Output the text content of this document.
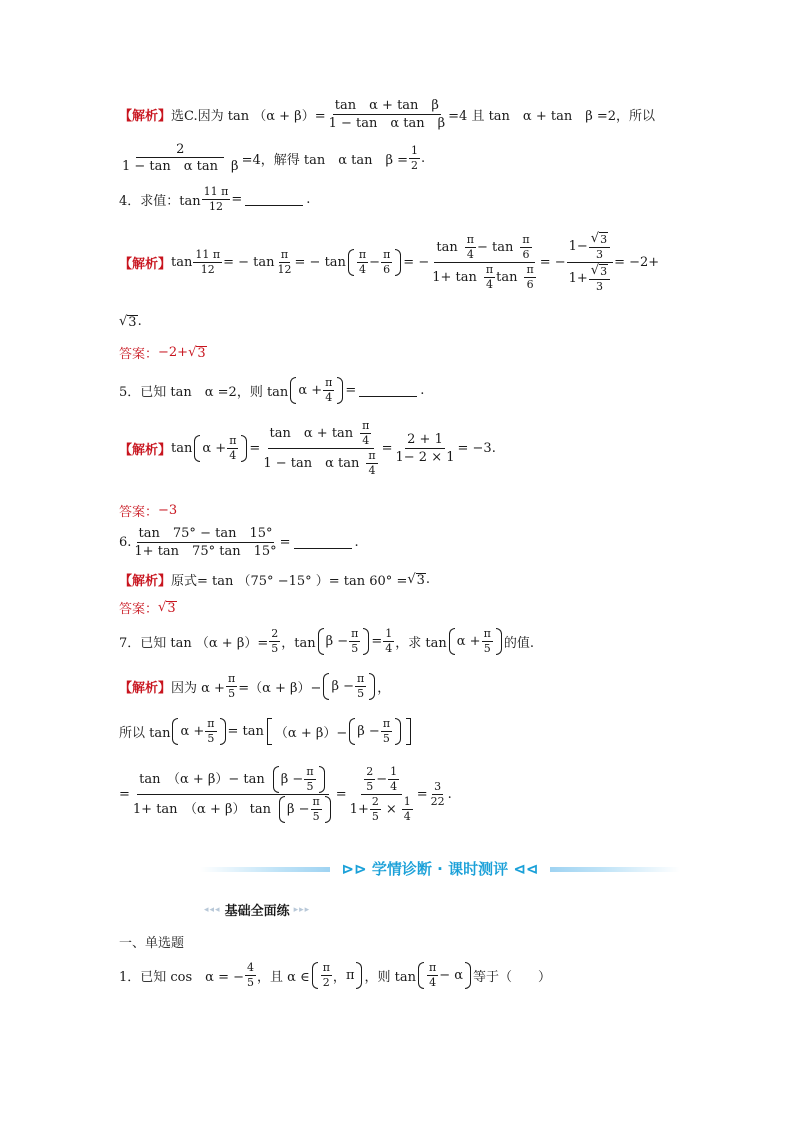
【解析】 选C.因为 $\tan (\alpha + \beta)= \frac{\text{tan　α + tan　β}}{\text{1 − tan　α tan　β}} =4$ 且 tan　α + tan　β =2，所以
$\frac{2}{\text{1 − tan　α tan　β}} =4$，解得 tan　α tan　$\beta = \frac{1}{2}$ .
4．求值：$\tan \frac{11 \pi}{12}$ =	.
【解析】 $\tan \frac{11 \pi}{12}$ = − $\tan \frac{\pi}{12}$ = − tan
π
$4 - \frac{\pi}{6}$ = − tan
π
4 − tan
π
6
1+ tan
π
4 tan
π
6 = − $\frac{1- \frac{√ 3}{3}}{1+ \frac{√ 3}{3}} = -2+$
√ 3 .
答案： −2+ √ 3
5．已知 tan　α =2，则 $\tan \alpha + \frac{\pi}{4}$ =	.
【解析】 $\tan \alpha + \frac{\pi}{4} = \tan$　α + tan
π
4
1 − tan　α tan
π
$4 = \frac{2 + 1}{1- 2 \times 1} = -3$.
答案： −3
6. $\frac{\tan 75^\circ - \tan 15^\circ}{1+ \tan 75^\circ \tan 15^\circ}$ =	.
【解析】 原式= tan （75° −15° ）= tan 60° = √ 3 .
答案： √ 3
7．已知 $\tan (\alpha + \beta)= \frac{2}{5}$ ，$\tan \beta - \frac{\pi}{5} = \frac{1}{4}$ ，求 $\tan \alpha + \frac{\pi}{5}$ 的值.
【解析】 因为 $\alpha + \frac{\pi}{5} =(\alpha + \beta)- \beta - \frac{\pi}{5}$ ，
所以 $\tan \alpha + \frac{\pi}{5} = \tan (\alpha + \beta)- \beta - \frac{\pi}{5}$
= $\frac{\tan (\alpha + \beta)- \tan \beta - \frac{\pi}{5}}{1+ \tan (\alpha + \beta) \tan \beta - \frac{\pi}{5}} = 2$
$5 - \frac{1}{4}$
$1+ \frac{2}{5} \times \frac{1}{4} = \frac{3}{22}$ .
⊳⊳ 学情诊断 · 课时测评 ⊲⊲
◂◂◂ 基础全面练 ▸▸▸
一、单选题
1．已知 cos　α = − $\frac{4}{5}$ ，且 α ∈
π
2 ， π ，则 tan
π
4 − α 等于（　　）
